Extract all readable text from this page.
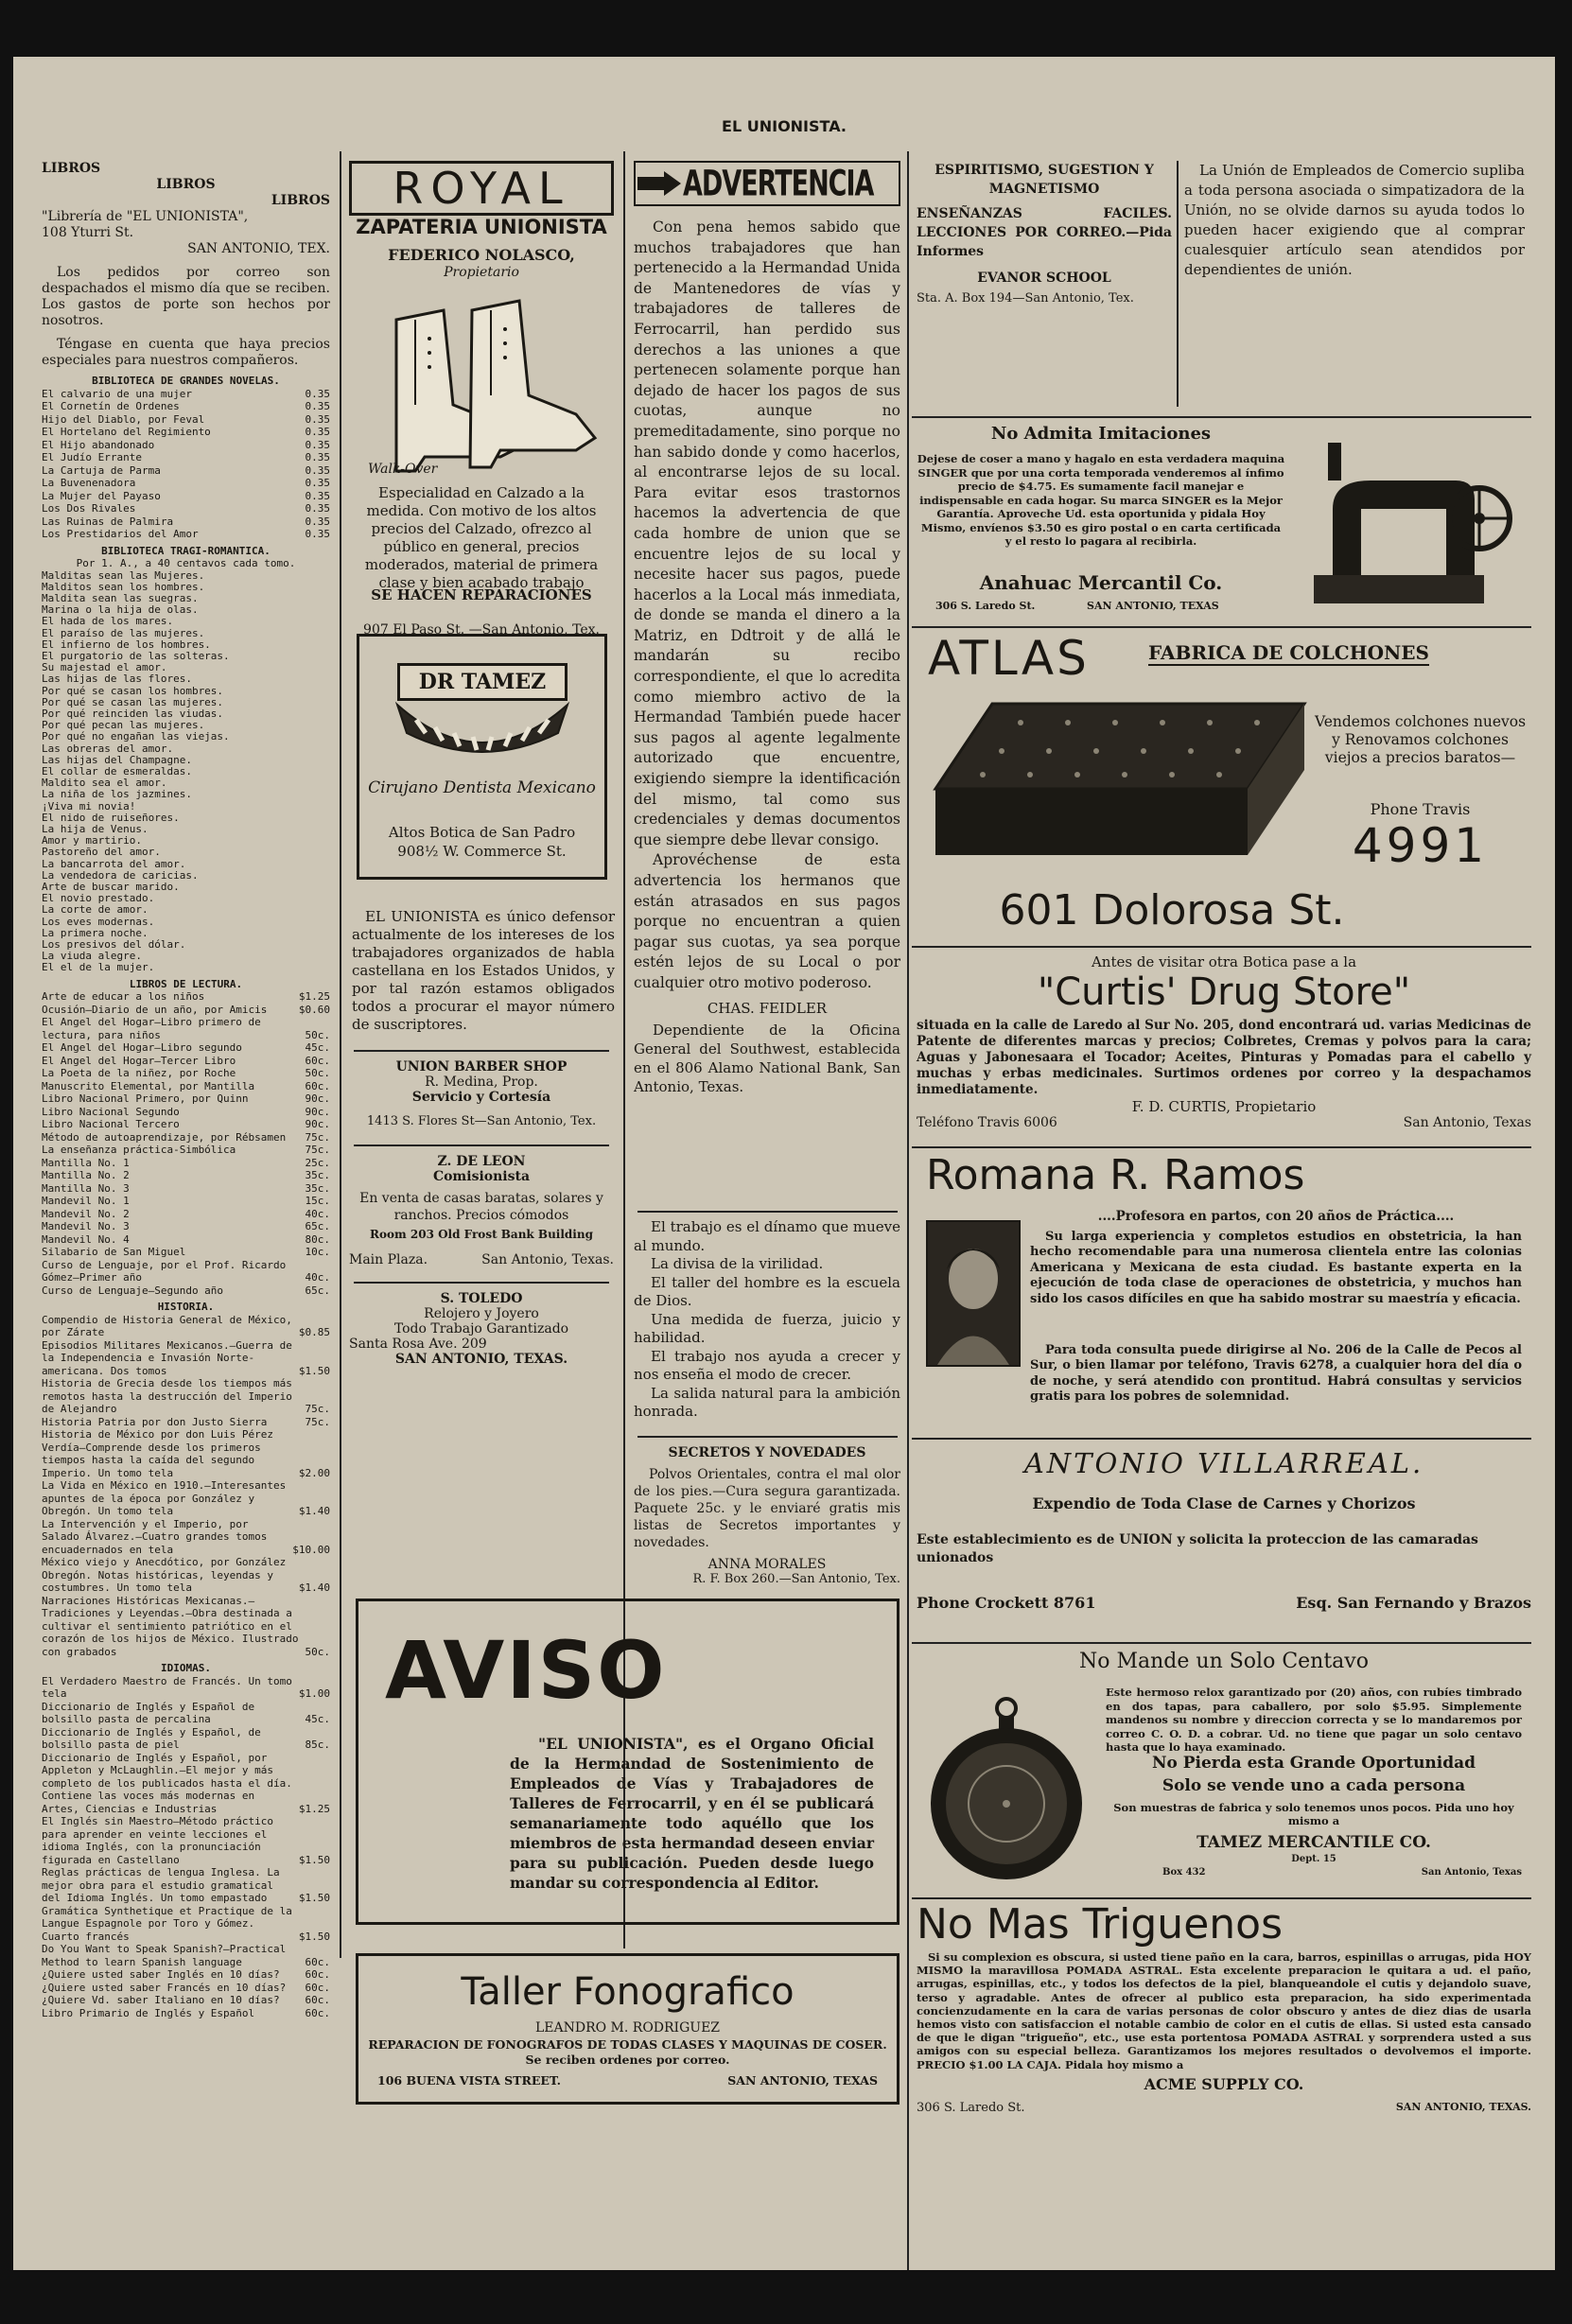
EL UNIONISTA.
LIBROS
LIBROS
LIBROS
"Librería de "EL UNIONISTA",
108 Yturri St.
SAN ANTONIO, TEX.

Los pedidos por correo son despachados el mismo día que se reciben. Los gastos de porte son hechos por nosotros.

Téngase en cuenta que haya precios especiales para nuestros compañeros.

BIBLIOTECA DE GRANDES NOVELAS.
El calvario de una mujer	0.35
El Cornetín de Ordenes	0.35
Hijo del Diablo, por Feval	0.35
El Hortelano del Regimiento	0.35
El Hijo abandonado	0.35
El Judío Errante	0.35
La Cartuja de Parma	0.35
La Buvenenadora	0.35
La Mujer del Payaso	0.35
Los Dos Rivales	0.35
Las Ruinas de Palmira	0.35
Los Prestidarios del Amor	0.35
BIBLIOTECA TRAGI-ROMANTICA.
Por 1. A., a 40 centavos cada tomo.
Malditas sean las Mujeres.
Malditos sean los hombres.
Maldita sean las suegras.
Marina o la hija de olas.
El hada de los mares.
El paraíso de las mujeres.
El infierno de los hombres.
El purgatorio de las solteras.
Su majestad el amor.
Las hijas de las flores.
Por qué se casan los hombres.
Por qué se casan las mujeres.
Por qué reinciden las viudas.
Por qué pecan las mujeres.
Por qué no engañan las viejas.
Las obreras del amor.
Las hijas del Champagne.
El collar de esmeraldas.
Maldito sea el amor.
La niña de los jazmines.
¡Viva mi novia!
El nido de ruiseñores.
La hija de Venus.
Amor y martirio.
Pastoreño del amor.
La bancarrota del amor.
La vendedora de caricias.
Arte de buscar marido.
El novio prestado.
La corte de amor.
Los eves modernas.
La primera noche.
Los presivos del dólar.
La viuda alegre.
El el de la mujer.
LIBROS DE LECTURA.
Arte de educar a los niños	$1.25
Ocusión—Diario de un año, por Amicis	$0.60
El Angel del Hogar—Libro primero de lectura, para niños	50c.
El Angel del Hogar—Libro segundo	45c.
El Angel del Hogar—Tercer Libro	60c.
La Poeta de la niñez, por Roche	50c.
Manuscrito Elemental, por Mantilla	60c.
Libro Nacional Primero, por Quinn	90c.
Libro Nacional Segundo	90c.
Libro Nacional Tercero	90c.
Método de autoaprendizaje, por Rébsamen	75c.
La enseñanza práctica-Simbólica	75c.
Mantilla No. 1	25c.
Mantilla No. 2	35c.
Mantilla No. 3	35c.
Mandevil No. 1	15c.
Mandevil No. 2	40c.
Mandevil No. 3	65c.
Mandevil No. 4	80c.
Silabario de San Miguel	10c.
Curso de Lenguaje, por el Prof. Ricardo Gómez—Primer año	40c.
Curso de Lenguaje—Segundo año	65c.
HISTORIA.
Compendio de Historia General de México, por Zárate	$0.85
Episodios Militares Mexicanos.—Guerra de la Independencia e Invasión Norte-americana. Dos tomos	$1.50
Historia de Grecia desde los tiempos más remotos hasta la destrucción del Imperio de Alejandro	75c.
Historia Patria por don Justo Sierra	75c.
Historia de México por don Luis Pérez Verdía—Comprende desde los primeros tiempos hasta la caída del segundo Imperio. Un tomo tela	$2.00
La Vida en México en 1910.—Interesantes apuntes de la época por González y Obregón. Un tomo tela	$1.40
La Intervención y el Imperio, por Salado Álvarez.—Cuatro grandes tomos encuadernados en tela	$10.00
México viejo y Anecdótico, por González Obregón. Notas históricas, leyendas y costumbres. Un tomo tela	$1.40
Narraciones Históricas Mexicanas.—Tradiciones y Leyendas.—Obra destinada a cultivar el sentimiento patriótico en el corazón de los hijos de México. Ilustrado con grabados	50c.
IDIOMAS.
El Verdadero Maestro de Francés. Un tomo tela	$1.00
Diccionario de Inglés y Español de bolsillo pasta de percalina	45c.
Diccionario de Inglés y Español, de bolsillo pasta de piel	85c.
Diccionario de Inglés y Español, por Appleton y McLaughlin.—El mejor y más completo de los publicados hasta el día. Contiene las voces más modernas en Artes, Ciencias e Industrias	$1.25
El Inglés sin Maestro—Método práctico para aprender en veinte lecciones el idioma Inglés, con la pronunciación figurada en Castellano	$1.50
Reglas prácticas de lengua Inglesa. La mejor obra para el estudio gramatical del Idioma Inglés. Un tomo empastado	$1.50
Gramática Synthetique et Practique de la Langue Espagnole por Toro y Gómez. Cuarto francés	$1.50
Do You Want to Speak Spanish?—Practical Method to learn Spanish language	60c.
¿Quiere usted saber Inglés en 10 días?	60c.
¿Quiere usted saber Francés en 10 días?	60c.
¿Quiere Vd. saber Italiano en 10 días?	60c.
Libro Primario de Inglés y Español	60c.
ROYAL
ZAPATERIA UNIONISTA
FEDERICO NOLASCO,
Propietario
Walk-Over

Especialidad en Calzado a la medida. Con motivo de los altos precios del Calzado, ofrezco al público en general, precios moderados, material de primera clase y bien acabado trabajo

SE HACEN REPARACIONES
907 El Paso St. —San Antonio, Tex.
DR TAMEZ
Cirujano Dentista Mexicano
Altos Botica de San Padro
908½ W. Commerce St.

EL UNIONISTA es único defensor actualmente de los intereses de los trabajadores organizados de habla castellana en los Estados Unidos, y por tal razón estamos obligados todos a procurar el mayor número de suscriptores.

UNION BARBER SHOP
R. Medina, Prop.
Servicio y Cortesía
1413 S. Flores St—San Antonio, Tex.
Z. DE LEON
Comisionista

En venta de casas baratas, solares y ranchos. Precios cómodos

Room 203 Old Frost Bank Building
Main Plaza.	San Antonio, Texas.
S. TOLEDO
Relojero y Joyero
Todo Trabajo Garantizado
Santa Rosa Ave. 209
SAN ANTONIO, TEXAS.
ADVERTENCIA

Con pena hemos sabido que muchos trabajadores que han pertenecido a la Hermandad Unida de Mantenedores de vías y trabajadores de talleres de Ferrocarril, han perdido sus derechos a las uniones a que pertenecen solamente porque han dejado de hacer los pagos de sus cuotas, aunque no premeditadamente, sino porque no han sabido donde y como hacerlos, al encontrarse lejos de su local. Para evitar esos trastornos hacemos la advertencia de que cada hombre de union que se encuentre lejos de su local y necesite hacer sus pagos, puede hacerlos a la Local más inmediata, de donde se manda el dinero a la Matriz, en Ddtroit y de allá le mandarán su recibo correspondiente, el que lo acredita como miembro activo de la Hermandad También puede hacer sus pagos al agente legalmente autorizado que encuentre, exigiendo siempre la identificación del mismo, tal como sus credenciales y demas documentos que siempre debe llevar consigo.

Aprovéchense de esta advertencia los hermanos que están atrasados en sus pagos porque no encuentran a quien pagar sus cuotas, ya sea porque estén lejos de su Local o por cualquier otro motivo poderoso.

CHAS. FEIDLER

Dependiente de la Oficina General del Southwest, establecida en el 806 Alamo National Bank, San Antonio, Texas.

El trabajo es el dínamo que mueve al mundo.

La divisa de la virilidad.

El taller del hombre es la escuela de Dios.

Una medida de fuerza, juicio y habilidad.

El trabajo nos ayuda a crecer y nos enseña el modo de crecer.

La salida natural para la ambición honrada.

SECRETOS Y NOVEDADES

Polvos Orientales, contra el mal olor de los pies.—Cura segura garantizada. Paquete 25c. y le enviaré gratis mis listas de Secretos importantes y novedades.

ANNA MORALES
R. F. Box 260.—San Antonio, Tex.
AVISO

"EL UNIONISTA", es el Organo Oficial de la Hermandad de Sostenimiento de Empleados de Vías y Trabajadores de Talleres de Ferrocarril, y en él se publicará semanariamente todo aquéllo que los miembros de esta hermandad deseen enviar para su publicación. Pueden desde luego mandar su correspondencia al Editor.

Taller Fonografico
LEANDRO M. RODRIGUEZ

REPARACION DE FONOGRAFOS DE TODAS CLASES Y MAQUINAS DE COSER. Se reciben ordenes por correo.

106 BUENA VISTA STREET.	SAN ANTONIO, TEXAS

ESPIRITISMO, SUGESTION Y MAGNETISMO

ENSEÑANZAS FACILES. LECCIONES POR CORREO.—Pida Informes

EVANOR SCHOOL
Sta. A. Box 194—San Antonio, Tex.

La Unión de Empleados de Comercio supliba a toda persona asociada o simpatizadora de la Unión, no se olvide darnos su ayuda todos lo pueden hacer exigiendo que al comprar cualesquier artículo sean atendidos por dependientes de unión.

No Admita Imitaciones

Dejese de coser a mano y hagalo en esta verdadera maquina SINGER que por una corta temporada venderemos al ínfimo precio de $4.75. Es sumamente facil manejar e indispensable en cada hogar. Su marca SINGER es la Mejor Garantía. Aproveche Ud. esta oportunida y pidala Hoy Mismo, envíenos $3.50 es giro postal o en carta certificada y el resto lo pagara al recibirla.

Anahuac Mercantil Co.
306 S. Laredo St.	SAN ANTONIO, TEXAS
ATLAS	FABRICA DE COLCHONES

Vendemos colchones nuevos y Renovamos colchones viejos a precios baratos—

Phone Travis
4991
601 Dolorosa St.
Antes de visitar otra Botica pase a la
"Curtis' Drug Store"

situada en la calle de Laredo al Sur No. 205, dond encontrará ud. varias Medicinas de Patente de diferentes marcas y precios; Colbretes, Cremas y polvos para la cara; Aguas y Jabonesaara el Tocador; Aceites, Pinturas y Pomadas para el cabello y muchas y erbas medicinales. Surtimos ordenes por correo y la despachamos inmediatamente.

F. D. CURTIS, Propietario
Teléfono Travis 6006	San Antonio, Texas
Romana R. Ramos
....Profesora en partos, con 20 años de Práctica....

Su larga experiencia y completos estudios en obstetricia, la han hecho recomendable para una numerosa clientela entre las colonias Americana y Mexicana de esta ciudad. Es bastante experta en la ejecución de toda clase de operaciones de obstetricia, y muchos han sido los casos difíciles en que ha sabido mostrar su maestría y eficacia.

Para toda consulta puede dirigirse al No. 206 de la Calle de Pecos al Sur, o bien llamar por teléfono, Travis 6278, a cualquier hora del día o de noche, y será atendido con prontitud. Habrá consultas y servicios gratis para los pobres de solemnidad.

ANTONIO VILLARREAL.
Expendio de Toda Clase de Carnes y Chorizos

Este establecimiento es de UNION y solicita la proteccion de las camaradas unionados

Phone Crockett 8761	Esq. San Fernando y Brazos
No Mande un Solo Centavo

Este hermoso relox garantizado por (20) años, con rubíes timbrado en dos tapas, para caballero, por solo $5.95. Simplemente mandenos su nombre y direccion correcta y se lo mandaremos por correo C. O. D. a cobrar. Ud. no tiene que pagar un solo centavo hasta que lo haya examinado.

No Pierda esta Grande Oportunidad
Solo se vende uno a cada persona

Son muestras de fabrica y solo tenemos unos pocos. Pida uno hoy mismo a

TAMEZ MERCANTILE CO.
Dept. 15
Box 432	San Antonio, Texas
No Mas Triguenos

Si su complexion es obscura, si usted tiene paño en la cara, barros, espinillas o arrugas, pida HOY MISMO la maravillosa POMADA ASTRAL. Esta excelente preparacion le quitara a ud. el paño, arrugas, espinillas, etc., y todos los defectos de la piel, blanqueandole el cutis y dejandolo suave, terso y agradable. Antes de ofrecer al publico esta preparacion, ha sido experimentada concienzudamente en la cara de varias personas de color obscuro y antes de diez dias de usarla hemos visto con satisfaccion el notable cambio de color en el cutis de ellas. Si usted esta cansado de que le digan "trigueño", etc., use esta portentosa POMADA ASTRAL y sorprendera usted a sus amigos con su especial belleza. Garantizamos los mejores resultados o devolvemos el importe. PRECIO $1.00 LA CAJA. Pidala hoy mismo a

ACME SUPPLY CO.
306 S. Laredo St.	SAN ANTONIO, TEXAS.
